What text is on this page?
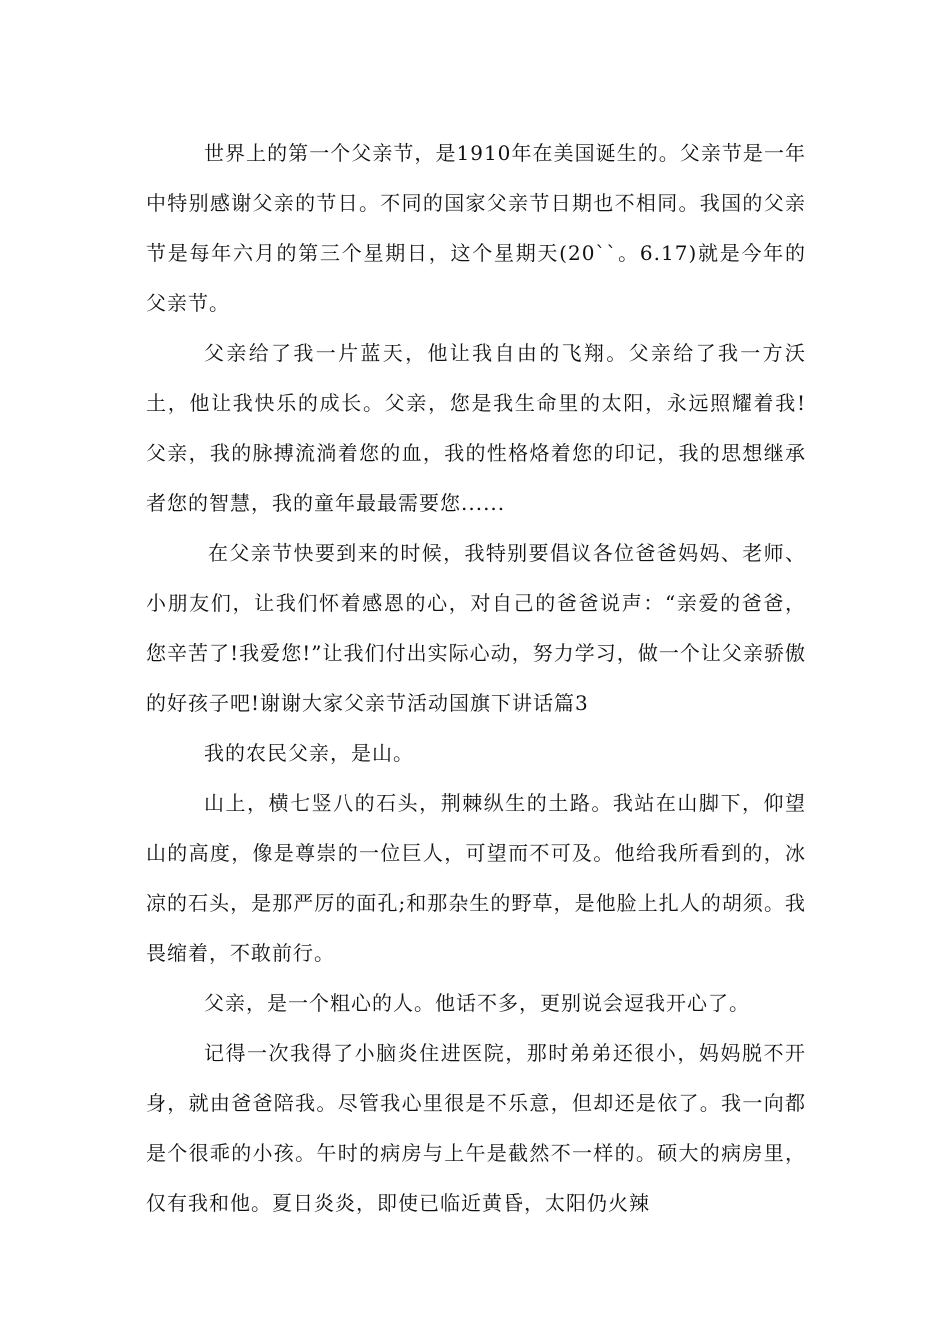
世界上的第一个父亲节，是1910年在美国诞生的。父亲节是一年中特别感谢父亲的节日。不同的国家父亲节日期也不相同。我国的父亲节是每年六月的第三个星期日，这个星期天(20``。6.17)就是今年的父亲节。

父亲给了我一片蓝天，他让我自由的飞翔。父亲给了我一方沃土，他让我快乐的成长。父亲，您是我生命里的太阳，永远照耀着我!父亲，我的脉搏流淌着您的血，我的性格烙着您的印记，我的思想继承者您的智慧，我的童年最最需要您......

在父亲节快要到来的时候，我特别要倡议各位爸爸妈妈、老师、小朋友们，让我们怀着感恩的心，对自己的爸爸说声：“亲爱的爸爸，您辛苦了!我爱您!”让我们付出实际心动，努力学习，做一个让父亲骄傲的好孩子吧!谢谢大家父亲节活动国旗下讲话篇3

我的农民父亲，是山。

山上，横七竖八的石头，荆棘纵生的土路。我站在山脚下，仰望山的高度，像是尊崇的一位巨人，可望而不可及。他给我所看到的，冰凉的石头，是那严厉的面孔;和那杂生的野草，是他脸上扎人的胡须。我畏缩着，不敢前行。

父亲，是一个粗心的人。他话不多，更别说会逗我开心了。

记得一次我得了小脑炎住进医院，那时弟弟还很小，妈妈脱不开身，就由爸爸陪我。尽管我心里很是不乐意，但却还是依了。我一向都是个很乖的小孩。午时的病房与上午是截然不一样的。硕大的病房里，仅有我和他。夏日炎炎，即使已临近黄昏，太阳仍火辣
